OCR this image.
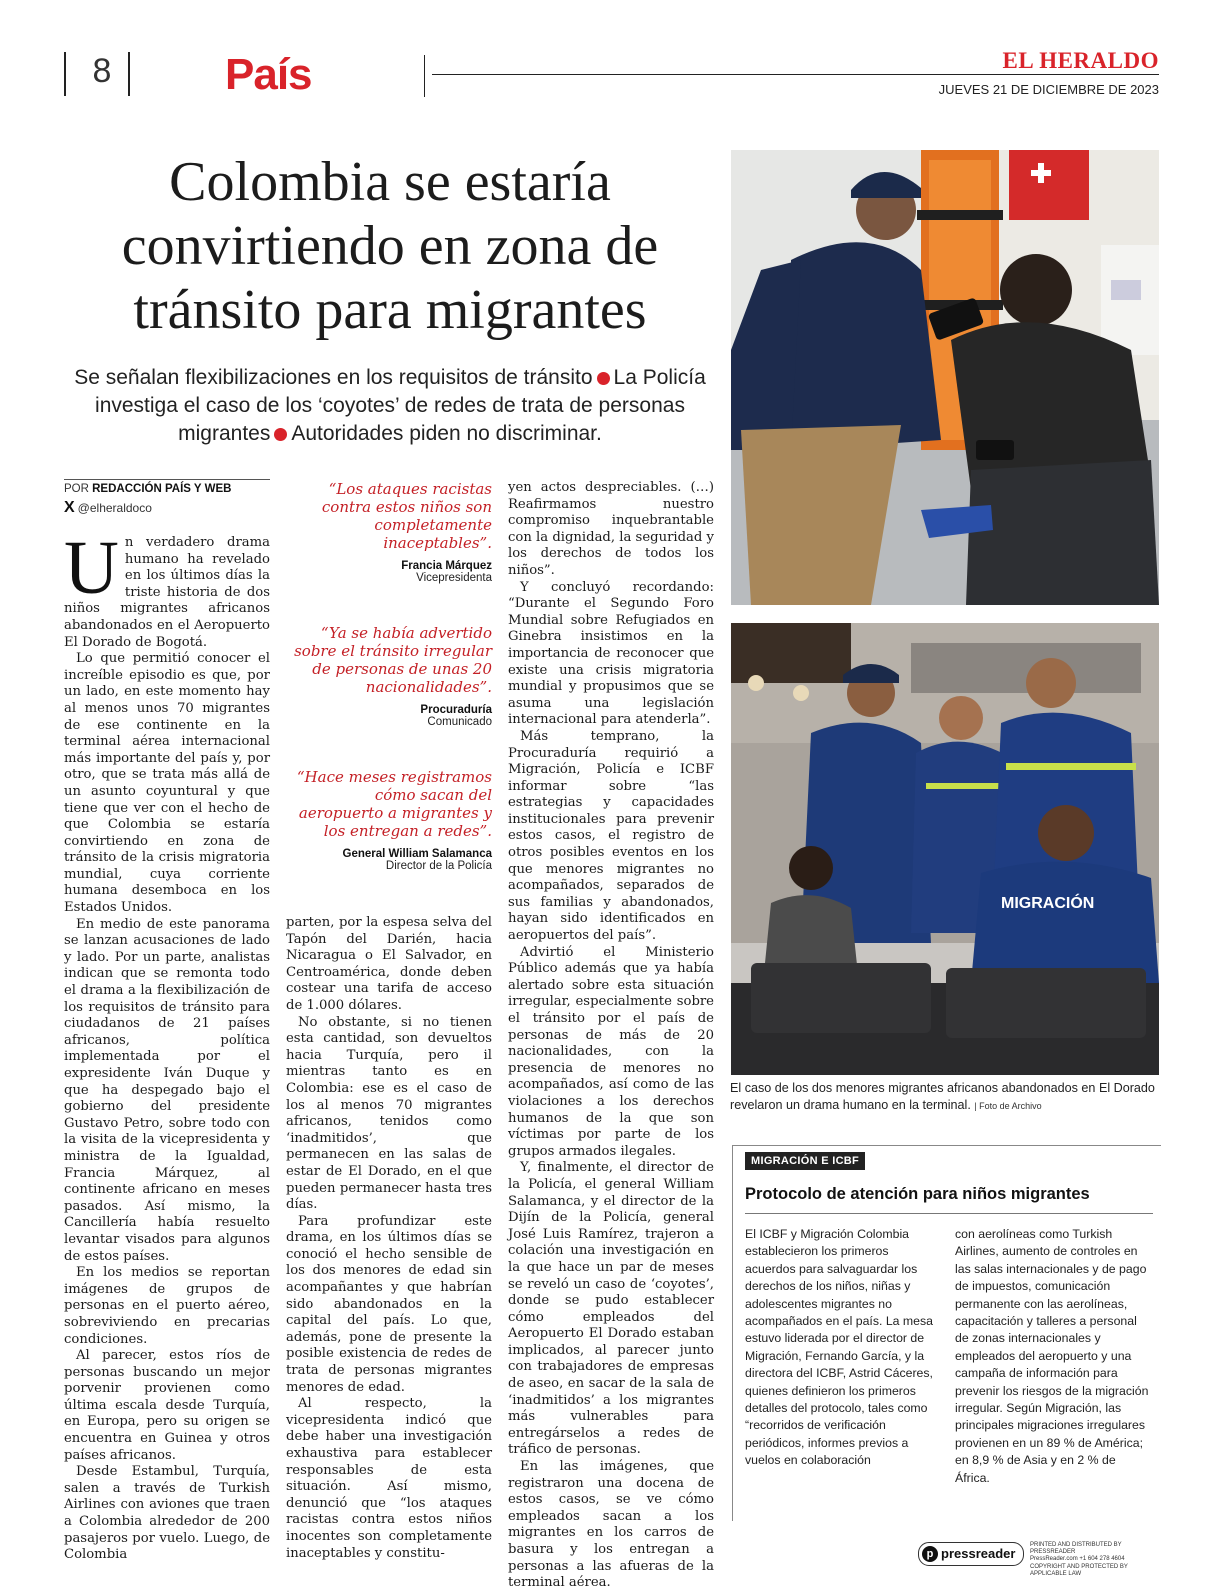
8	País	EL HERALDO
JUEVES 21 DE DICIEMBRE DE 2023
Colombia se estaría
convirtiendo en zona de
tránsito para migrantes
Se señalan flexibilizaciones en los requisitos de tránsito La Policía investiga el caso de los ‘coyotes’ de redes de trata de personas migrantes Autoridades piden no discriminar.
POR REDACCIÓN PAÍS Y WEB
X @elheraldoco

Un verdadero drama humano ha revelado en los últimos días la triste historia de dos niños migrantes africanos abandonados en el Aeropuerto El Dorado de Bogotá.

Lo que permitió conocer el increíble episodio es que, por un lado, en este momento hay al menos unos 70 migrantes de ese continente en la terminal aérea internacional más importante del país y, por otro, que se trata más allá de un asunto coyuntural y que tiene que ver con el hecho de que Colombia se estaría convirtiendo en zona de tránsito de la crisis migratoria mundial, cuya corriente humana desemboca en los Estados Unidos.

En medio de este panorama se lanzan acusaciones de lado y lado. Por un parte, analistas indican que se remonta todo el drama a la flexibilización de los requisitos de tránsito para ciudadanos de 21 países africanos, política implementada por el expresidente Iván Duque y que ha despegado bajo el gobierno del presidente Gustavo Petro, sobre todo con la visita de la vicepresidenta y ministra de la Igualdad, Francia Márquez, al continente africano en meses pasados. Así mismo, la Cancillería había resuelto levantar visados para algunos de estos países.

En los medios se reportan imágenes de grupos de personas en el puerto aéreo, sobreviviendo en precarias condiciones.

Al parecer, estos ríos de personas buscando un mejor porvenir provienen como última escala desde Turquía, en Europa, pero su origen se encuentra en Guinea y otros países africanos.

Desde Estambul, Turquía, salen a través de Turkish Airlines con aviones que traen a Colombia alrededor de 200 pasajeros por vuelo. Luego, de Colombia

“Los ataques racistas contra estos niños son completamente inaceptables”.
Francia Márquez
Vicepresidenta
“Ya se había advertido sobre el tránsito irregular de personas de unas 20 nacionalidades”.
Procuraduría
Comunicado
“Hace meses registramos cómo sacan del aeropuerto a migrantes y los entregan a redes”.
General William Salamanca
Director de la Policía

parten, por la espesa selva del Tapón del Darién, hacia Nicaragua o El Salvador, en Centroamérica, donde deben costear una tarifa de acceso de 1.000 dólares.

No obstante, si no tienen esta cantidad, son devueltos hacia Turquía, pero il mientras tanto es en Colombia: ese es el caso de los al menos 70 migrantes africanos, tenidos como ‘inadmitidos’, que permanecen en las salas de estar de El Dorado, en el que pueden permanecer hasta tres días.

Para profundizar este drama, en los últimos días se conoció el hecho sensible de los dos menores de edad sin acompañantes y que habrían sido abandonados en la capital del país. Lo que, además, pone de presente la posible existencia de redes de trata de personas migrantes menores de edad.

Al respecto, la vicepresidenta indicó que debe haber una investigación exhaustiva para establecer responsables de esta situación. Así mismo, denunció que “los ataques racistas contra estos niños inocentes son completamente inaceptables y constitu-

yen actos despreciables. (…) Reafirmamos nuestro compromiso inquebrantable con la dignidad, la seguridad y los derechos de todos los niños”.

Y concluyó recordando: “Durante el Segundo Foro Mundial sobre Refugiados en Ginebra insistimos en la importancia de reconocer que existe una crisis migratoria mundial y propusimos que se asuma una legislación internacional para atenderla”.

Más temprano, la Procuraduría requirió a Migración, Policía e ICBF informar sobre “las estrategias y capacidades institucionales para prevenir estos casos, el registro de otros posibles eventos en los que menores migrantes no acompañados, separados de sus familias y abandonados, hayan sido identificados en aeropuertos del país”.

Advirtió el Ministerio Público además que ya había alertado sobre esta situación irregular, especialmente sobre el tránsito por el país de personas de más de 20 nacionalidades, con la presencia de menores no acompañados, así como de las violaciones a los derechos humanos de la que son víctimas por parte de los grupos armados ilegales.

Y, finalmente, el director de la Policía, el general William Salamanca, y el director de la Dijín de la Policía, general José Luis Ramírez, trajeron a colación una investigación en la que hace un par de meses se reveló un caso de ‘coyotes’, donde se pudo establecer cómo empleados del Aeropuerto El Dorado estaban implicados, al parecer junto con trabajadores de empresas de aseo, en sacar de la sala de ‘inadmitidos’ a los migrantes más vulnerables para entregárselos a redes de tráfico de personas.

En las imágenes, que registraron una docena de estos casos, se ve cómo empleados sacan a los migrantes en los carros de basura y los entregan a personas a las afueras de la terminal aérea.

MIGRACIÓN
El caso de los dos menores migrantes africanos abandonados en El Dorado revelaron un drama humano en la terminal. | Foto de Archivo
MIGRACIÓN E ICBF
Protocolo de atención para niños migrantes
El ICBF y Migración Colombia establecieron los primeros acuerdos para salvaguardar los derechos de los niños, niñas y adolescentes migrantes no acompañados en el país. La mesa estuvo liderada por el director de Migración, Fernando García, y la directora del ICBF, Astrid Cáceres, quienes definieron los primeros detalles del protocolo, tales como “recorridos de verificación periódicos, informes previos a vuelos en colaboración
con aerolíneas como Turkish Airlines, aumento de controles en las salas internacionales y de pago de impuestos, comunicación permanente con las aerolíneas, capacitación y talleres a personal de zonas internacionales y empleados del aeropuerto y una campaña de información para prevenir los riesgos de la migración irregular. Según Migración, las principales migraciones irregulares provienen en un 89 % de América; en 8,9 % de Asia y en 2 % de África.
p pressreader
PRINTED AND DISTRIBUTED BY PRESSREADER
PressReader.com +1 604 278 4604
COPYRIGHT AND PROTECTED BY APPLICABLE LAW
